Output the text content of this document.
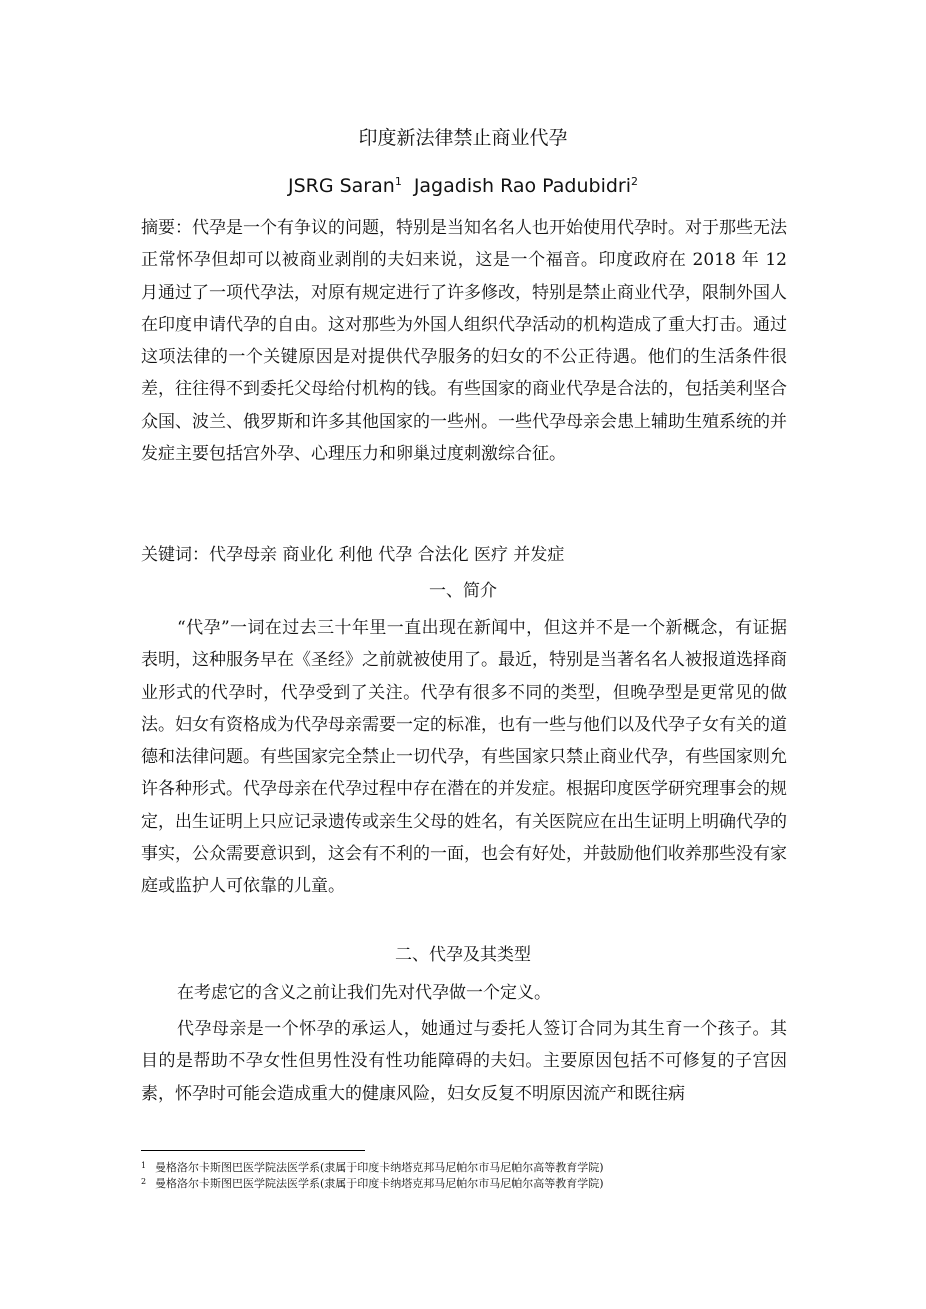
印度新法律禁止商业代孕
JSRG Saran$^1$ Jagadish Rao Padubidri$^2$
摘要：代孕是一个有争议的问题，特别是当知名名人也开始使用代孕时。对于那些无法正常怀孕但却可以被商业剥削的夫妇来说，这是一个福音。印度政府在 2018 年 12 月通过了一项代孕法，对原有规定进行了许多修改，特别是禁止商业代孕，限制外国人在印度申请代孕的自由。这对那些为外国人组织代孕活动的机构造成了重大打击。通过这项法律的一个关键原因是对提供代孕服务的妇女的不公正待遇。他们的生活条件很差，往往得不到委托父母给付机构的钱。有些国家的商业代孕是合法的，包括美利坚合众国、波兰、俄罗斯和许多其他国家的一些州。一些代孕母亲会患上辅助生殖系统的并发症主要包括宫外孕、心理压力和卵巢过度刺激综合征。
关键词：代孕母亲 商业化 利他 代孕 合法化 医疗 并发症
一、简介
“代孕”一词在过去三十年里一直出现在新闻中，但这并不是一个新概念，有证据表明，这种服务早在《圣经》之前就被使用了。最近，特别是当著名名人被报道选择商业形式的代孕时，代孕受到了关注。代孕有很多不同的类型，但晚孕型是更常见的做法。妇女有资格成为代孕母亲需要一定的标准，也有一些与他们以及代孕子女有关的道德和法律问题。有些国家完全禁止一切代孕，有些国家只禁止商业代孕，有些国家则允许各种形式。代孕母亲在代孕过程中存在潜在的并发症。根据印度医学研究理事会的规定，出生证明上只应记录遗传或亲生父母的姓名，有关医院应在出生证明上明确代孕的事实，公众需要意识到，这会有不利的一面，也会有好处，并鼓励他们收养那些没有家庭或监护人可依靠的儿童。
二、代孕及其类型
在考虑它的含义之前让我们先对代孕做一个定义。
代孕母亲是一个怀孕的承运人，她通过与委托人签订合同为其生育一个孩子。其目的是帮助不孕女性但男性没有性功能障碍的夫妇。主要原因包括不可修复的子宫因素，怀孕时可能会造成重大的健康风险，妇女反复不明原因流产和既往病
1 曼格洛尔卡斯图巴医学院法医学系(隶属于印度卡纳塔克邦马尼帕尔市马尼帕尔高等教育学院)
2 曼格洛尔卡斯图巴医学院法医学系(隶属于印度卡纳塔克邦马尼帕尔市马尼帕尔高等教育学院)
